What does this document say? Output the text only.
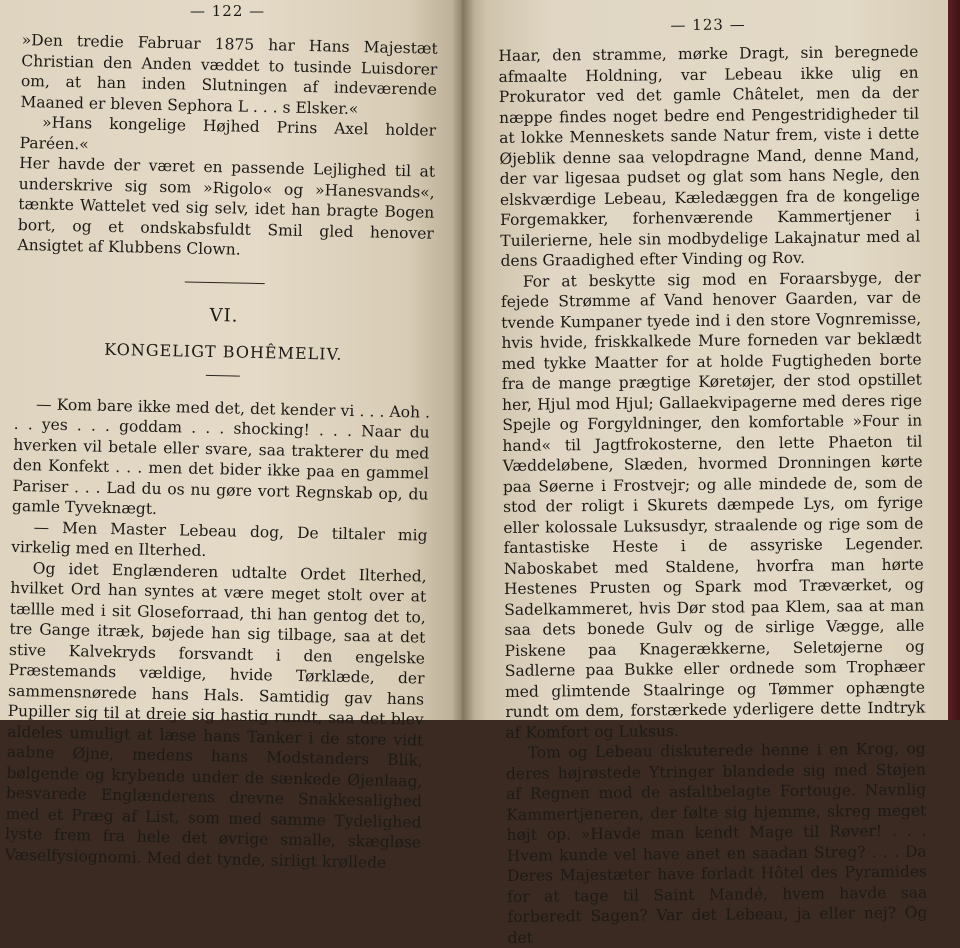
— 122 —

»Den tredie Fabruar 1875 har Hans Majestæt Christian den Anden væddet to tusinde Luisdorer om, at han inden Slutningen af indeværende Maaned er bleven Sephora L . . . s Elsker.«

»Hans kongelige Højhed Prins Axel holder Paréen.«

Her havde der været en passende Lejlighed til at underskrive sig som »Rigolo« og »Hanesvands«, tænkte Wattelet ved sig selv, idet han bragte Bogen bort, og et ondskabsfuldt Smil gled henover Ansigtet af Klubbens Clown.

VI.
KONGELIGT BOHÊMELIV.

— Kom bare ikke med det, det kender vi . . . Aoh . . . yes . . . goddam . . . shocking! . . . Naar du hverken vil betale eller svare, saa trakterer du med den Konfekt . . . men det bider ikke paa en gammel Pariser . . . Lad du os nu gøre vort Regnskab op, du gamle Tyveknægt.

— Men Master Lebeau dog, De tiltaler mig virkelig med en Ilterhed.

Og idet Englænderen udtalte Ordet Ilterhed, hvilket Ord han syntes at være meget stolt over at tællle med i sit Gloseforraad, thi han gentog det to, tre Gange itræk, bøjede han sig tilbage, saa at det stive Kalvekryds forsvandt i den engelske Præstemands vældige, hvide Tørklæde, der sammensnørede hans Hals. Samtidig gav hans Pupiller sig til at dreje sig hastig rundt, saa det blev aldeles umuligt at læse hans Tanker i de store vidt aabne Øjne, medens hans Modstanders Blik, bølgende og krybende under de sænkede Øjenlaag, besvarede Englænderens drevne Snakkesalighed med et Præg af List, som med samme Tydelighed lyste frem fra hele det øvrige smalle, skægløse Væselfysiognomi. Med det tynde, sirligt krøllede

— 123 —

Haar, den stramme, mørke Dragt, sin beregnede afmaalte Holdning, var Lebeau ikke ulig en Prokurator ved det gamle Châtelet, men da der næppe findes noget bedre end Pengestridigheder til at lokke Menneskets sande Natur frem, viste i dette Øjeblik denne saa velopdragne Mand, denne Mand, der var ligesaa pudset og glat som hans Negle, den elskværdige Lebeau, Kæledæggen fra de kongelige Forgemakker, forhenværende Kammertjener i Tuilerierne, hele sin modbydelige Lakajnatur med al dens Graadighed efter Vinding og Rov.

For at beskytte sig mod en Foraarsbyge, der fejede Strømme af Vand henover Gaarden, var de tvende Kumpaner tyede ind i den store Vognremisse, hvis hvide, friskkalkede Mure forneden var beklædt med tykke Maatter for at holde Fugtigheden borte fra de mange prægtige Køretøjer, der stod opstillet her, Hjul mod Hjul; Gallaekvipagerne med deres rige Spejle og Forgyldninger, den komfortable »Four in hand« til Jagtfrokosterne, den lette Phaeton til Væddeløbene, Slæden, hvormed Dronningen kørte paa Søerne i Frostvejr; og alle mindede de, som de stod der roligt i Skurets dæmpede Lys, om fyrige eller kolossale Luksusdyr, straalende og rige som de fantastiske Heste i de assyriske Legender. Naboskabet med Staldene, hvorfra man hørte Hestenes Prusten og Spark mod Træværket, og Sadelkammeret, hvis Dør stod paa Klem, saa at man saa dets bonede Gulv og de sirlige Vægge, alle Piskene paa Knagerækkerne, Seletøjerne og Sadlerne paa Bukke eller ordnede som Trophæer med glimtende Staalringe og Tømmer ophængte rundt om dem, forstærkede yderligere dette Indtryk af Komfort og Luksus.

Tom og Lebeau diskuterede henne i en Krog, og deres højrøstede Ytringer blandede sig med Støjen af Regnen mod de asfaltbelagte Fortouge. Navnlig Kammertjeneren, der følte sig hjemme, skreg meget højt op. »Havde man kendt Mage til Røver! . . . Hvem kunde vel have anet en saadan Streg? . . . Da Deres Majestæter have forladt Hôtel des Pyramides for at tage til Saint Mandé, hvem havde saa forberedt Sagen? Var det Lebeau, ja eller nej? Og det
